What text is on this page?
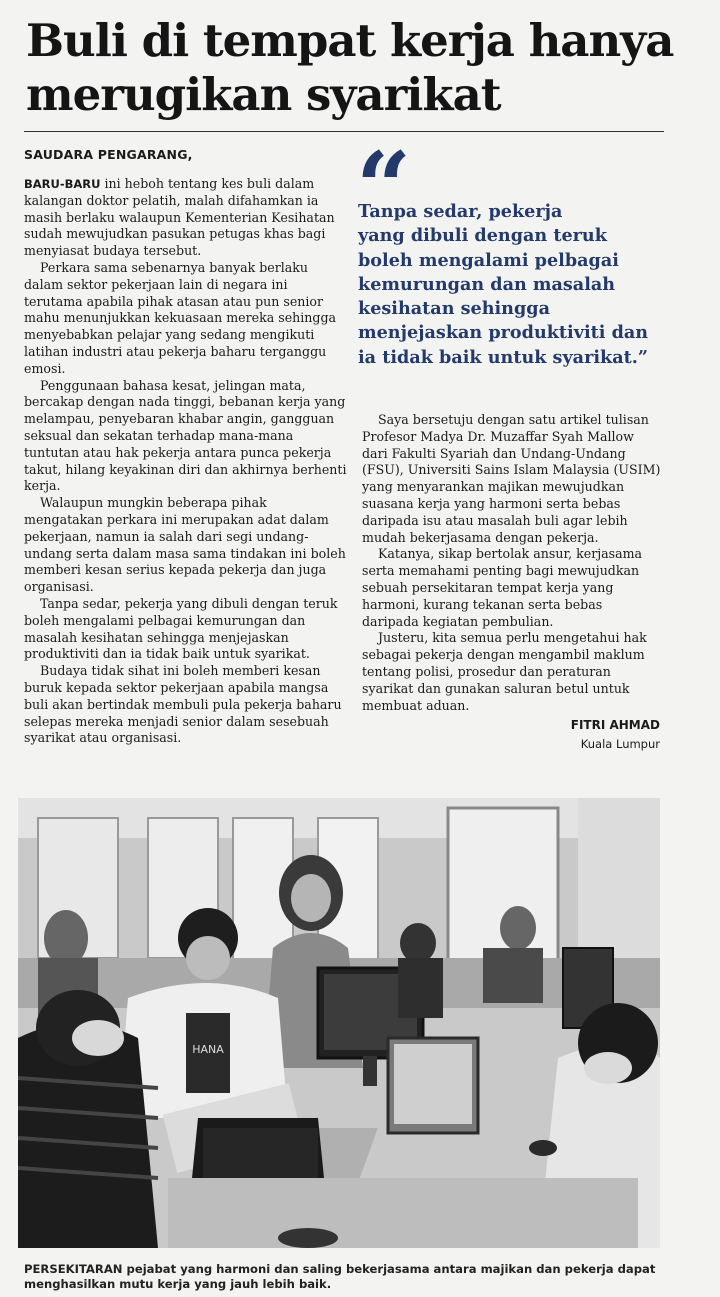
Buli di tempat kerja hanya
merugikan syarikat
SAUDARA PENGARANG,

BARU-BARU ini heboh tentang kes buli dalam kalangan doktor pelatih, malah difahamkan ia masih berlaku walaupun Kementerian Kesihatan sudah mewujudkan pasukan petugas khas bagi menyiasat budaya tersebut.

Perkara sama sebenarnya banyak berlaku dalam sektor pekerjaan lain di negara ini terutama apabila pihak atasan atau pun senior mahu menunjukkan kekuasaan mereka sehingga menyebabkan pelajar yang sedang mengikuti latihan industri atau pekerja baharu terganggu emosi.

Penggunaan bahasa kesat, jelingan mata, bercakap dengan nada tinggi, bebanan kerja yang melampau, penyebaran khabar angin, gangguan seksual dan sekatan terhadap mana-mana tuntutan atau hak pekerja antara punca pekerja takut, hilang keyakinan diri dan akhirnya berhenti kerja.

Walaupun mungkin beberapa pihak mengatakan perkara ini merupakan adat dalam pekerjaan, namun ia salah dari segi undang-undang serta dalam masa sama tindakan ini boleh memberi kesan serius kepada pekerja dan juga organisasi.

Tanpa sedar, pekerja yang dibuli dengan teruk boleh mengalami pelbagai kemurungan dan masalah kesihatan sehingga menjejaskan produktiviti dan ia tidak baik untuk syarikat.

Budaya tidak sihat ini boleh memberi kesan buruk kepada sektor pekerjaan apabila mangsa buli akan bertindak membuli pula pekerja baharu selepas mereka menjadi senior dalam sesebuah syarikat atau organisasi.

“
Tanpa sedar, pekerja
yang dibuli dengan teruk
boleh mengalami pelbagai
kemurungan dan masalah
kesihatan sehingga
menjejaskan produktiviti dan
ia tidak baik untuk syarikat.”

Saya bersetuju dengan satu artikel tulisan Profesor Madya Dr. Muzaffar Syah Mallow dari Fakulti Syariah dan Undang-Undang (FSU), Universiti Sains Islam Malaysia (USIM) yang menyarankan majikan mewujudkan suasana kerja yang harmoni serta bebas daripada isu atau masalah buli agar lebih mudah bekerjasama dengan pekerja.

Katanya, sikap bertolak ansur, kerjasama serta memahami penting bagi mewujudkan sebuah persekitaran tempat kerja yang harmoni, kurang tekanan serta bebas daripada kegiatan pembulian.

Justeru, kita semua perlu mengetahui hak sebagai pekerja dengan mengambil maklum tentang polisi, prosedur dan peraturan syarikat dan gunakan saluran betul untuk membuat aduan.

FITRI AHMAD
Kuala Lumpur
HANA
PERSEKITARAN pejabat yang harmoni dan saling bekerjasama antara majikan dan pekerja dapat menghasilkan mutu kerja yang jauh lebih baik.
